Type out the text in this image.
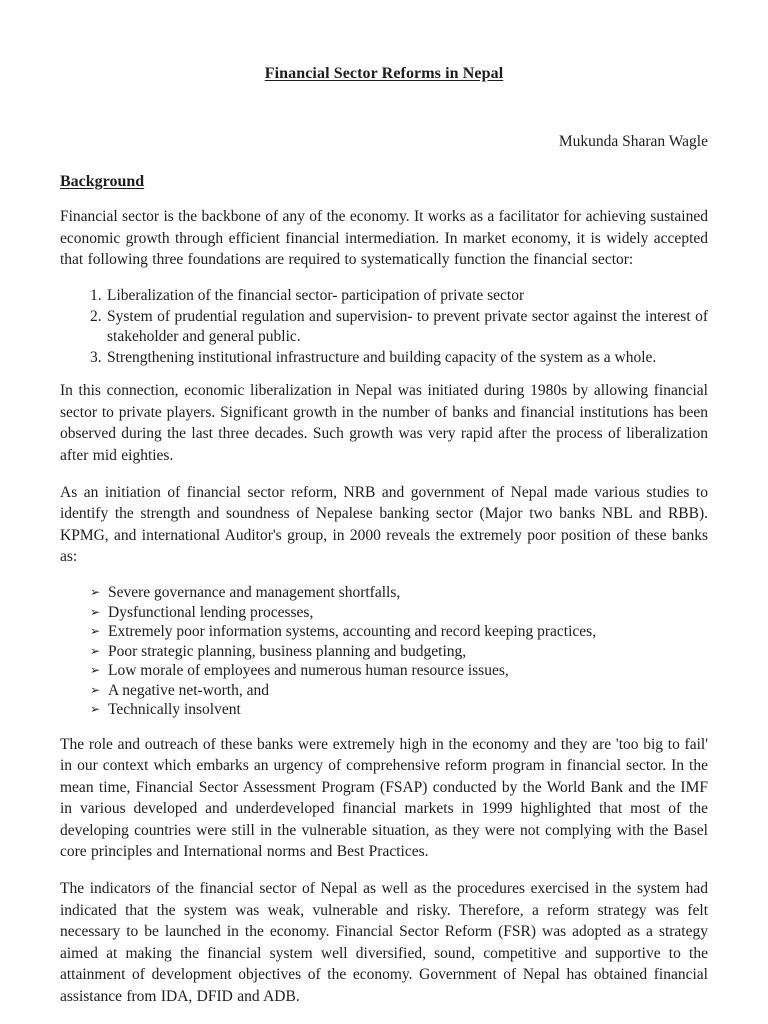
Financial Sector Reforms in Nepal
Mukunda Sharan Wagle
Background

Financial sector is the backbone of any of the economy. It works as a facilitator for achieving sustained economic growth through efficient financial intermediation. In market economy, it is widely accepted that following three foundations are required to systematically function the financial sector:

1. Liberalization of the financial sector- participation of private sector
2. System of prudential regulation and supervision- to prevent private sector against the interest of stakeholder and general public.
3. Strengthening institutional infrastructure and building capacity of the system as a whole.

In this connection, economic liberalization in Nepal was initiated during 1980s by allowing financial sector to private players. Significant growth in the number of banks and financial institutions has been observed during the last three decades. Such growth was very rapid after the process of liberalization after mid eighties.

As an initiation of financial sector reform, NRB and government of Nepal made various studies to identify the strength and soundness of Nepalese banking sector (Major two banks NBL and RBB). KPMG, and international Auditor's group, in 2000 reveals the extremely poor position of these banks as:

➢ Severe governance and management shortfalls,
➢ Dysfunctional lending processes,
➢ Extremely poor information systems, accounting and record keeping practices,
➢ Poor strategic planning, business planning and budgeting,
➢ Low morale of employees and numerous human resource issues,
➢ A negative net-worth, and
➢ Technically insolvent

The role and outreach of these banks were extremely high in the economy and they are 'too big to fail' in our context which embarks an urgency of comprehensive reform program in financial sector. In the mean time, Financial Sector Assessment Program (FSAP) conducted by the World Bank and the IMF in various developed and underdeveloped financial markets in 1999 highlighted that most of the developing countries were still in the vulnerable situation, as they were not complying with the Basel core principles and International norms and Best Practices.

The indicators of the financial sector of Nepal as well as the procedures exercised in the system had indicated that the system was weak, vulnerable and risky. Therefore, a reform strategy was felt necessary to be launched in the economy. Financial Sector Reform (FSR) was adopted as a strategy aimed at making the financial system well diversified, sound, competitive and supportive to the attainment of development objectives of the economy. Government of Nepal has obtained financial assistance from IDA, DFID and ADB.
